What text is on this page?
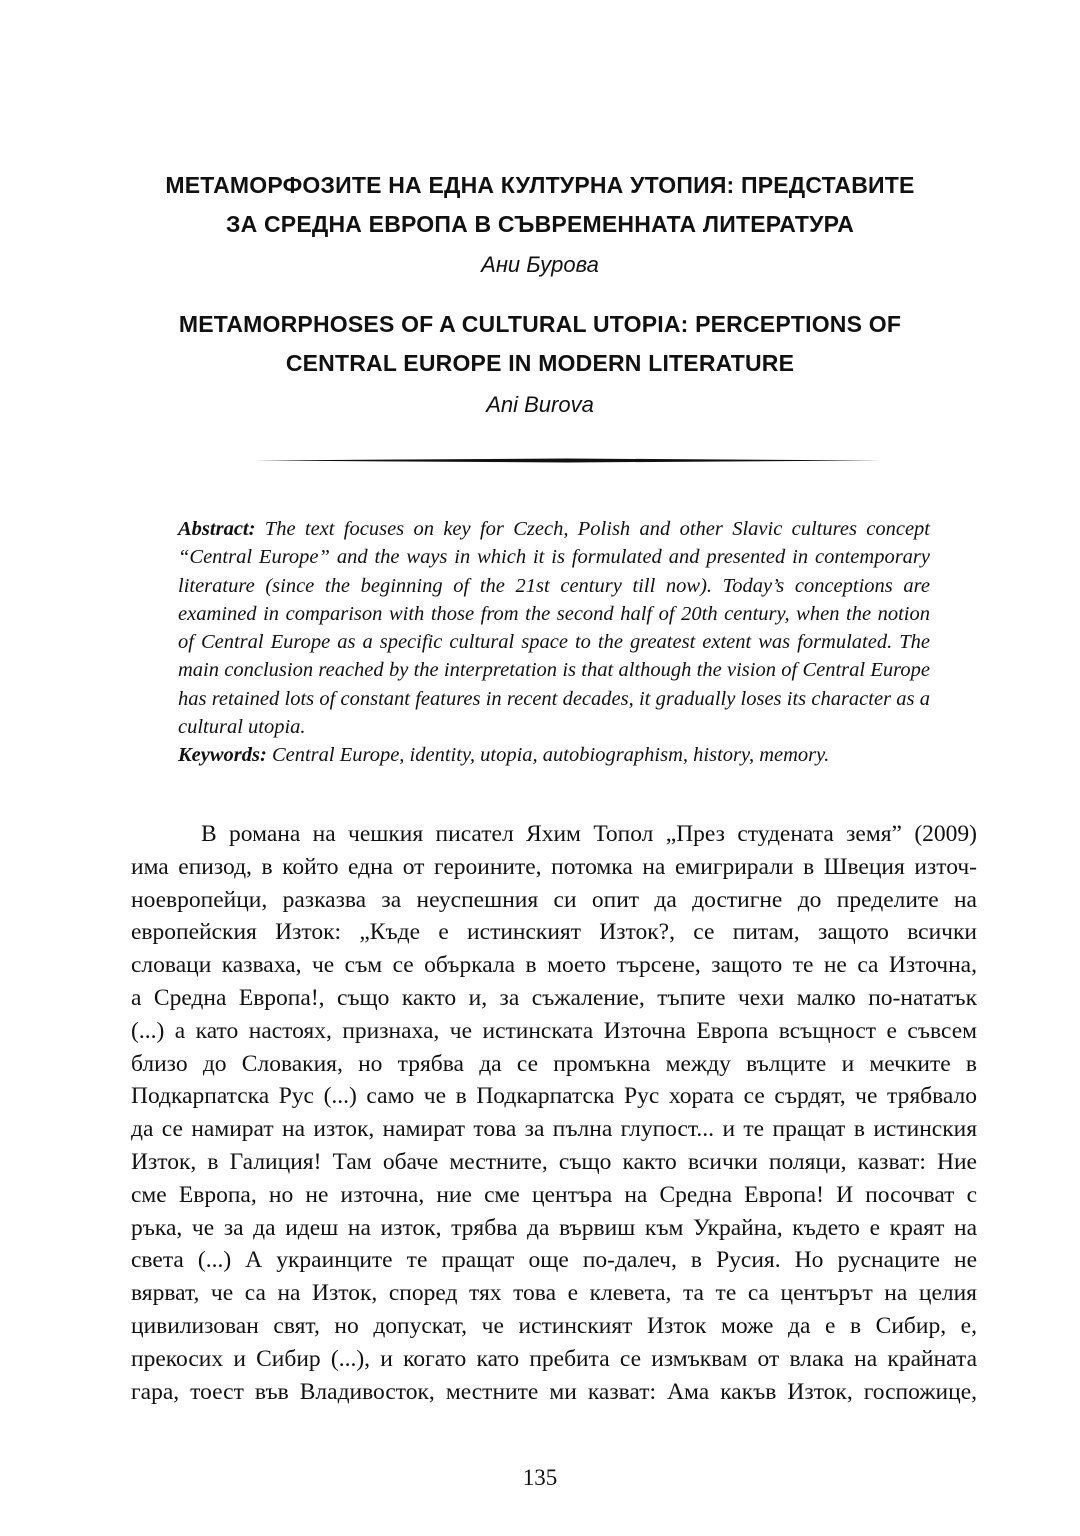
МЕТАМОРФОЗИТЕ НА ЕДНА КУЛТУРНА УТОПИЯ: ПРЕДСТАВИТЕ
ЗА СРЕДНА ЕВРОПА В СЪВРЕМЕННАТА ЛИТЕРАТУРА

Ани Бурова

METAMORPHOSES OF A CULTURAL UTOPIA: PERCEPTIONS OF
CENTRAL EUROPE IN MODERN LITERATURE

Ani Burova

Abstract: The text focuses on key for Czech, Polish and other Slavic cultures concept “Central Europe” and the ways in which it is formulated and presented in contemporary literature (since the beginning of the 21st century till now). Today’s conceptions are examined in comparison with those from the second half of 20th century, when the notion of Central Europe as a specific cultural space to the greatest extent was formulated. The main conclusion reached by the interpretation is that although the vision of Central Europe has retained lots of constant features in recent decades, it gradually loses its character as a cultural utopia.

Keywords: Central Europe, identity, utopia, autobiographism, history, memory.

В романа на чешкия писател Яхим Топол „През студената земя” (2009)
има епизод, в който една от героините, потомка на емигрирали в Швеция източ-
ноевропейци, разказва за неуспешния си опит да достигне до пределите на
европейския Изток: „Къде е истинският Изток?, се питам, защото всички
словаци казваха, че съм се объркала в моето търсене, защото те не са Източна,
а Средна Европа!, също както и, за съжаление, тъпите чехи малко по-нататък
(...) а като настоях, признаха, че истинската Източна Европа всъщност е съвсем
близо до Словакия, но трябва да се промъкна между вълците и мечките в
Подкарпатска Рус (...) само че в Подкарпатска Рус хората се сърдят, че трябвало
да се намират на изток, намират това за пълна глупост... и те пращат в истинския
Изток, в Галиция! Там обаче местните, също както всички поляци, казват: Ние
сме Европа, но не източна, ние сме центъра на Средна Европа! И посочват с
ръка, че за да идеш на изток, трябва да вървиш към Украйна, където е краят на
света (...) А украинците те пращат още по-далеч, в Русия. Но руснаците не
вярват, че са на Изток, според тях това е клевета, та те са центърът на целия
цивилизован свят, но допускат, че истинският Изток може да е в Сибир, е,
прекосих и Сибир (...), и когато като пребита се измъквам от влака на крайната
гара, тоест във Владивосток, местните ми казват: Ама какъв Изток, госпожице,
135
